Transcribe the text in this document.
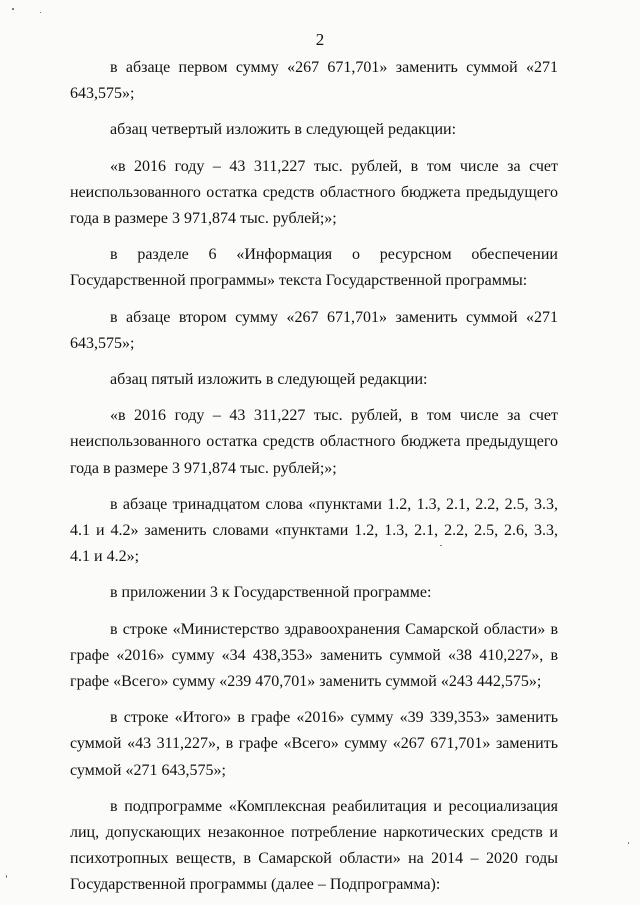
2

в абзаце первом сумму «267 671,701» заменить суммой «271 643,575»;

абзац четвертый изложить в следующей редакции:

«в 2016 году – 43 311,227 тыс. рублей, в том числе за счет неиспользованного остатка средств областного бюджета предыдущего года в размере 3 971,874 тыс. рублей;»;

в разделе 6 «Информация о ресурсном обеспечении Государственной программы» текста Государственной программы:

в абзаце втором сумму «267 671,701» заменить суммой «271 643,575»;

абзац пятый изложить в следующей редакции:

«в 2016 году – 43 311,227 тыс. рублей, в том числе за счет неиспользованного остатка средств областного бюджета предыдущего года в размере 3 971,874 тыс. рублей;»;

в абзаце тринадцатом слова «пунктами 1.2, 1.3, 2.1, 2.2, 2.5, 3.3, 4.1 и 4.2» заменить словами «пунктами 1.2, 1.3, 2.1, 2.2, 2.5, 2.6, 3.3, 4.1 и 4.2»;

в приложении 3 к Государственной программе:

в строке «Министерство здравоохранения Самарской области» в графе «2016» сумму «34 438,353» заменить суммой «38 410,227», в графе «Всего» сумму «239 470,701» заменить суммой «243 442,575»;

в строке «Итого» в графе «2016» сумму «39 339,353» заменить суммой «43 311,227», в графе «Всего» сумму «267 671,701» заменить суммой «271 643,575»;

в подпрограмме «Комплексная реабилитация и ресоциализация лиц, допускающих незаконное потребление наркотических средств и психотропных веществ, в Самарской области» на 2014 – 2020 годы Государственной программы (далее – Подпрограмма):
